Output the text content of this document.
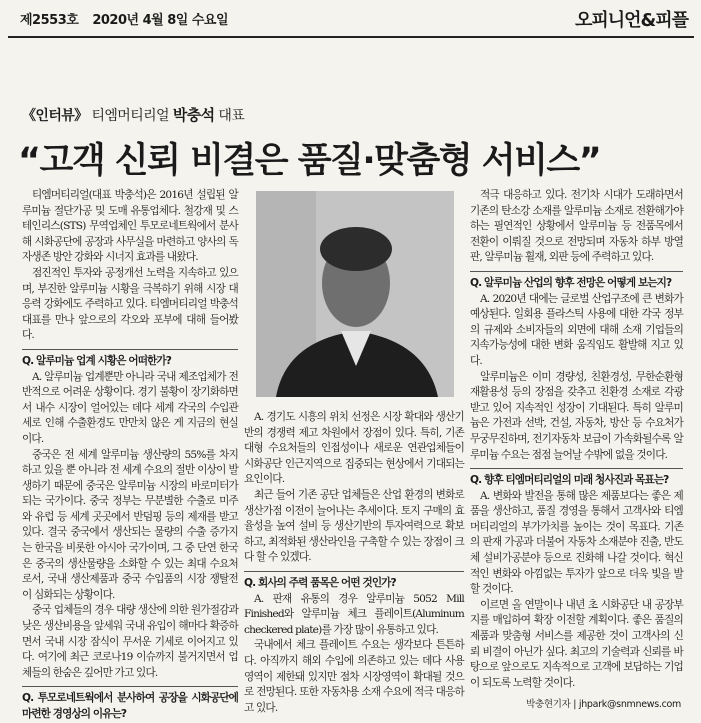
제2553호 2020년 4월 8일 수요일	오피니언&피플
《인터뷰》 티엠머티리얼 박충석 대표
“고객 신뢰 비결은 품질·맞춤형 서비스”

티엠머티리얼(대표 박충석)은 2016년 설립된 알루미늄 절단가공 및 도매 유통업체다. 철강재 및 스테인리스(STS) 무역업체인 투모로네트웍에서 분사해 시화공단에 공장과 사무실을 마련하고 양사의 독자생존 방안 강화와 시너지 효과를 내왔다.

점진적인 투자와 공정개선 노력을 지속하고 있으며, 부진한 알루미늄 시황을 극복하기 위해 시장 대응력 강화에도 주력하고 있다. 티엠머티리얼 박충석 대표를 만나 앞으로의 각오와 포부에 대해 들어봤다.

Q. 알루미늄 업계 시황은 어떠한가?

A. 알루미늄 업계뿐만 아니라 국내 제조업체가 전반적으로 어려운 상황이다. 경기 불황이 장기화하면서 내수 시장이 얼어있는 데다 세계 각국의 수입관세로 인해 수출환경도 만만치 않은 게 지금의 현실이다.

중국은 전 세계 알루미늄 생산량의 55%를 차지하고 있을 뿐 아니라 전 세계 수요의 절반 이상이 발생하기 때문에 중국은 알루미늄 시장의 바로미터가 되는 국가이다. 중국 정부는 무분별한 수출로 미주와 유럽 등 세계 곳곳에서 반덤핑 등의 제재를 받고 있다. 결국 중국에서 생산되는 물량의 수출 증가지는 한국을 비롯한 아시아 국가이며, 그 중 단연 한국은 중국의 생산물량을 소화할 수 있는 최대 수요처로서, 국내 생산제품과 중국 수입품의 시장 쟁탈전이 심화되는 상황이다.

중국 업체들의 경우 대량 생산에 의한 원가절감과 낮은 생산비용을 앞세워 국내 유입이 해마다 확증하면서 국내 시장 잠식이 무서운 기세로 이어지고 있다. 여기에 최근 코로나19 이슈까지 불거지면서 업체들의 한숨은 깊어만 가고 있다.

Q. 투모로네트웍에서 분사하여 공장을 시화공단에 마련한 경영상의 이유는?

A. 경기도 시흥의 위치 선정은 시장 확대와 생산기반의 경쟁력 제고 차원에서 장점이 있다. 특히, 기존 대형 수요처들의 인접성이나 새로운 연관업체들이 시화공단 인근지역으로 집중되는 현상에서 기대되는 요인이다.

최근 들어 기존 공단 업체들은 산업 환경의 변화로 생산가점 이전이 늘어나는 추세이다. 토지 구매의 효율성을 높여 설비 등 생산기반의 투자여력으로 확보하고, 최적화된 생산라인을 구축할 수 있는 장점이 크다 할 수 있겠다.

Q. 회사의 주력 품목은 어떤 것인가?

A. 판재 유통의 경우 알루미늄 5052 Mill Finished와 알루미늄 체크 플레이트(Aluminum checkered plate)를 가장 많이 유통하고 있다.

국내에서 체크 플레이트 수요는 생각보다 튼튼하다. 아직까지 해외 수입에 의존하고 있는 데다 사용 영역이 제한돼 있지만 점차 시장영역이 확대될 것으로 전망된다. 또한 자동차용 소재 수요에 적극 대응하고 있다.

적극 대응하고 있다. 전기차 시대가 도래하면서 기존의 탄소강 소재를 알루미늄 소재로 전환해가야 하는 필연적인 상황에서 알루미늄 등 전품목에서 전환이 이뤄질 것으로 전망되며 자동차 하부 방열판, 알루미늄 휠재, 외판 등에 주력하고 있다.

Q. 알루미늄 산업의 향후 전망은 어떻게 보는지?

A. 2020년 대에는 글로벌 산업구조에 큰 변화가 예상된다. 일회용 플라스틱 사용에 대한 각국 정부의 규제와 소비자들의 외면에 대해 소재 기업들의 지속가능성에 대한 변화 움직임도 활발해 지고 있다.

알루미늄은 이미 경량성, 친환경성, 무한순환형 재활용성 등의 장점을 갖추고 친환경 소재로 각광 받고 있어 지속적인 성장이 기대된다. 특히 알루미늄은 가전과 선박, 건설, 자동차, 방산 등 수요처가 무궁무진하며, 전기자동차 보급이 가속화될수록 알루미늄 수요는 점점 늘어날 수밖에 없을 것이다.

Q. 향후 티엠머티리얼의 미래 청사진과 목표는?

A. 변화와 발전을 통해 많은 제품보다는 좋은 제품을 생산하고, 품질 경영을 통해서 고객사와 티엠머티리얼의 부가가치를 높이는 것이 목표다. 기존의 판재 가공과 더불어 자동차 소재분야 진출, 반도체 설비가공분야 등으로 진화해 나갈 것이다. 혁신적인 변화와 아낌없는 투자가 앞으로 더욱 빛을 발할 것이다.

이르면 올 연말이나 내년 초 시화공단 내 공장부지를 매입하여 확장 이전할 계획이다. 좋은 품질의 제품과 맞춤형 서비스를 제공한 것이 고객사의 신뢰 비결이 아닌가 싶다. 최고의 기술력과 신뢰를 바탕으로 앞으로도 지속적으로 고객에 보답하는 기업이 되도록 노력할 것이다.

박충현기자 | jhpark@snmnews.com
